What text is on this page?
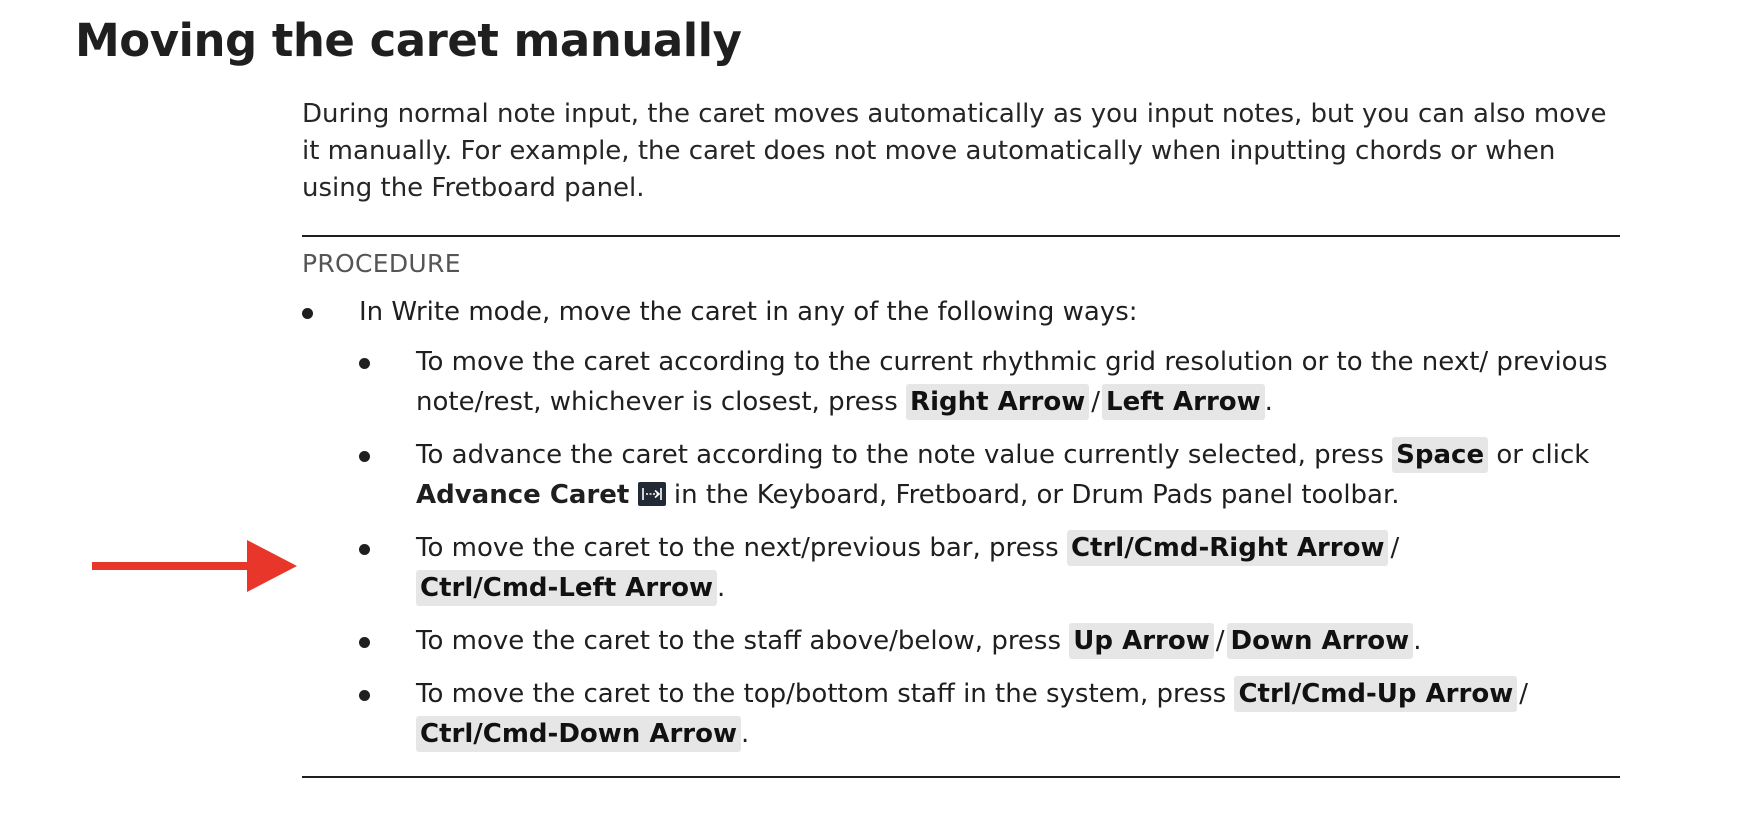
Moving the caret manually

During normal note input, the caret moves automatically as you input notes, but you can also move it manually. For example, the caret does not move automatically when inputting chords or when using the Fretboard panel.

PROCEDURE
In Write mode, move the caret in any of the following ways:
To move the caret according to the current rhythmic grid resolution or to the next/ previous note/rest, whichever is closest, press Right Arrow / Left Arrow .
To advance the caret according to the note value currently selected, press Space or click Advance Caret in the Keyboard, Fretboard, or Drum Pads panel toolbar.
To move the caret to the next/previous bar, press Ctrl/Cmd-Right Arrow /Ctrl/Cmd-Left Arrow .
To move the caret to the staff above/below, press Up Arrow / Down Arrow .
To move the caret to the top/bottom staff in the system, press Ctrl/Cmd-Up Arrow /Ctrl/Cmd-Down Arrow .
